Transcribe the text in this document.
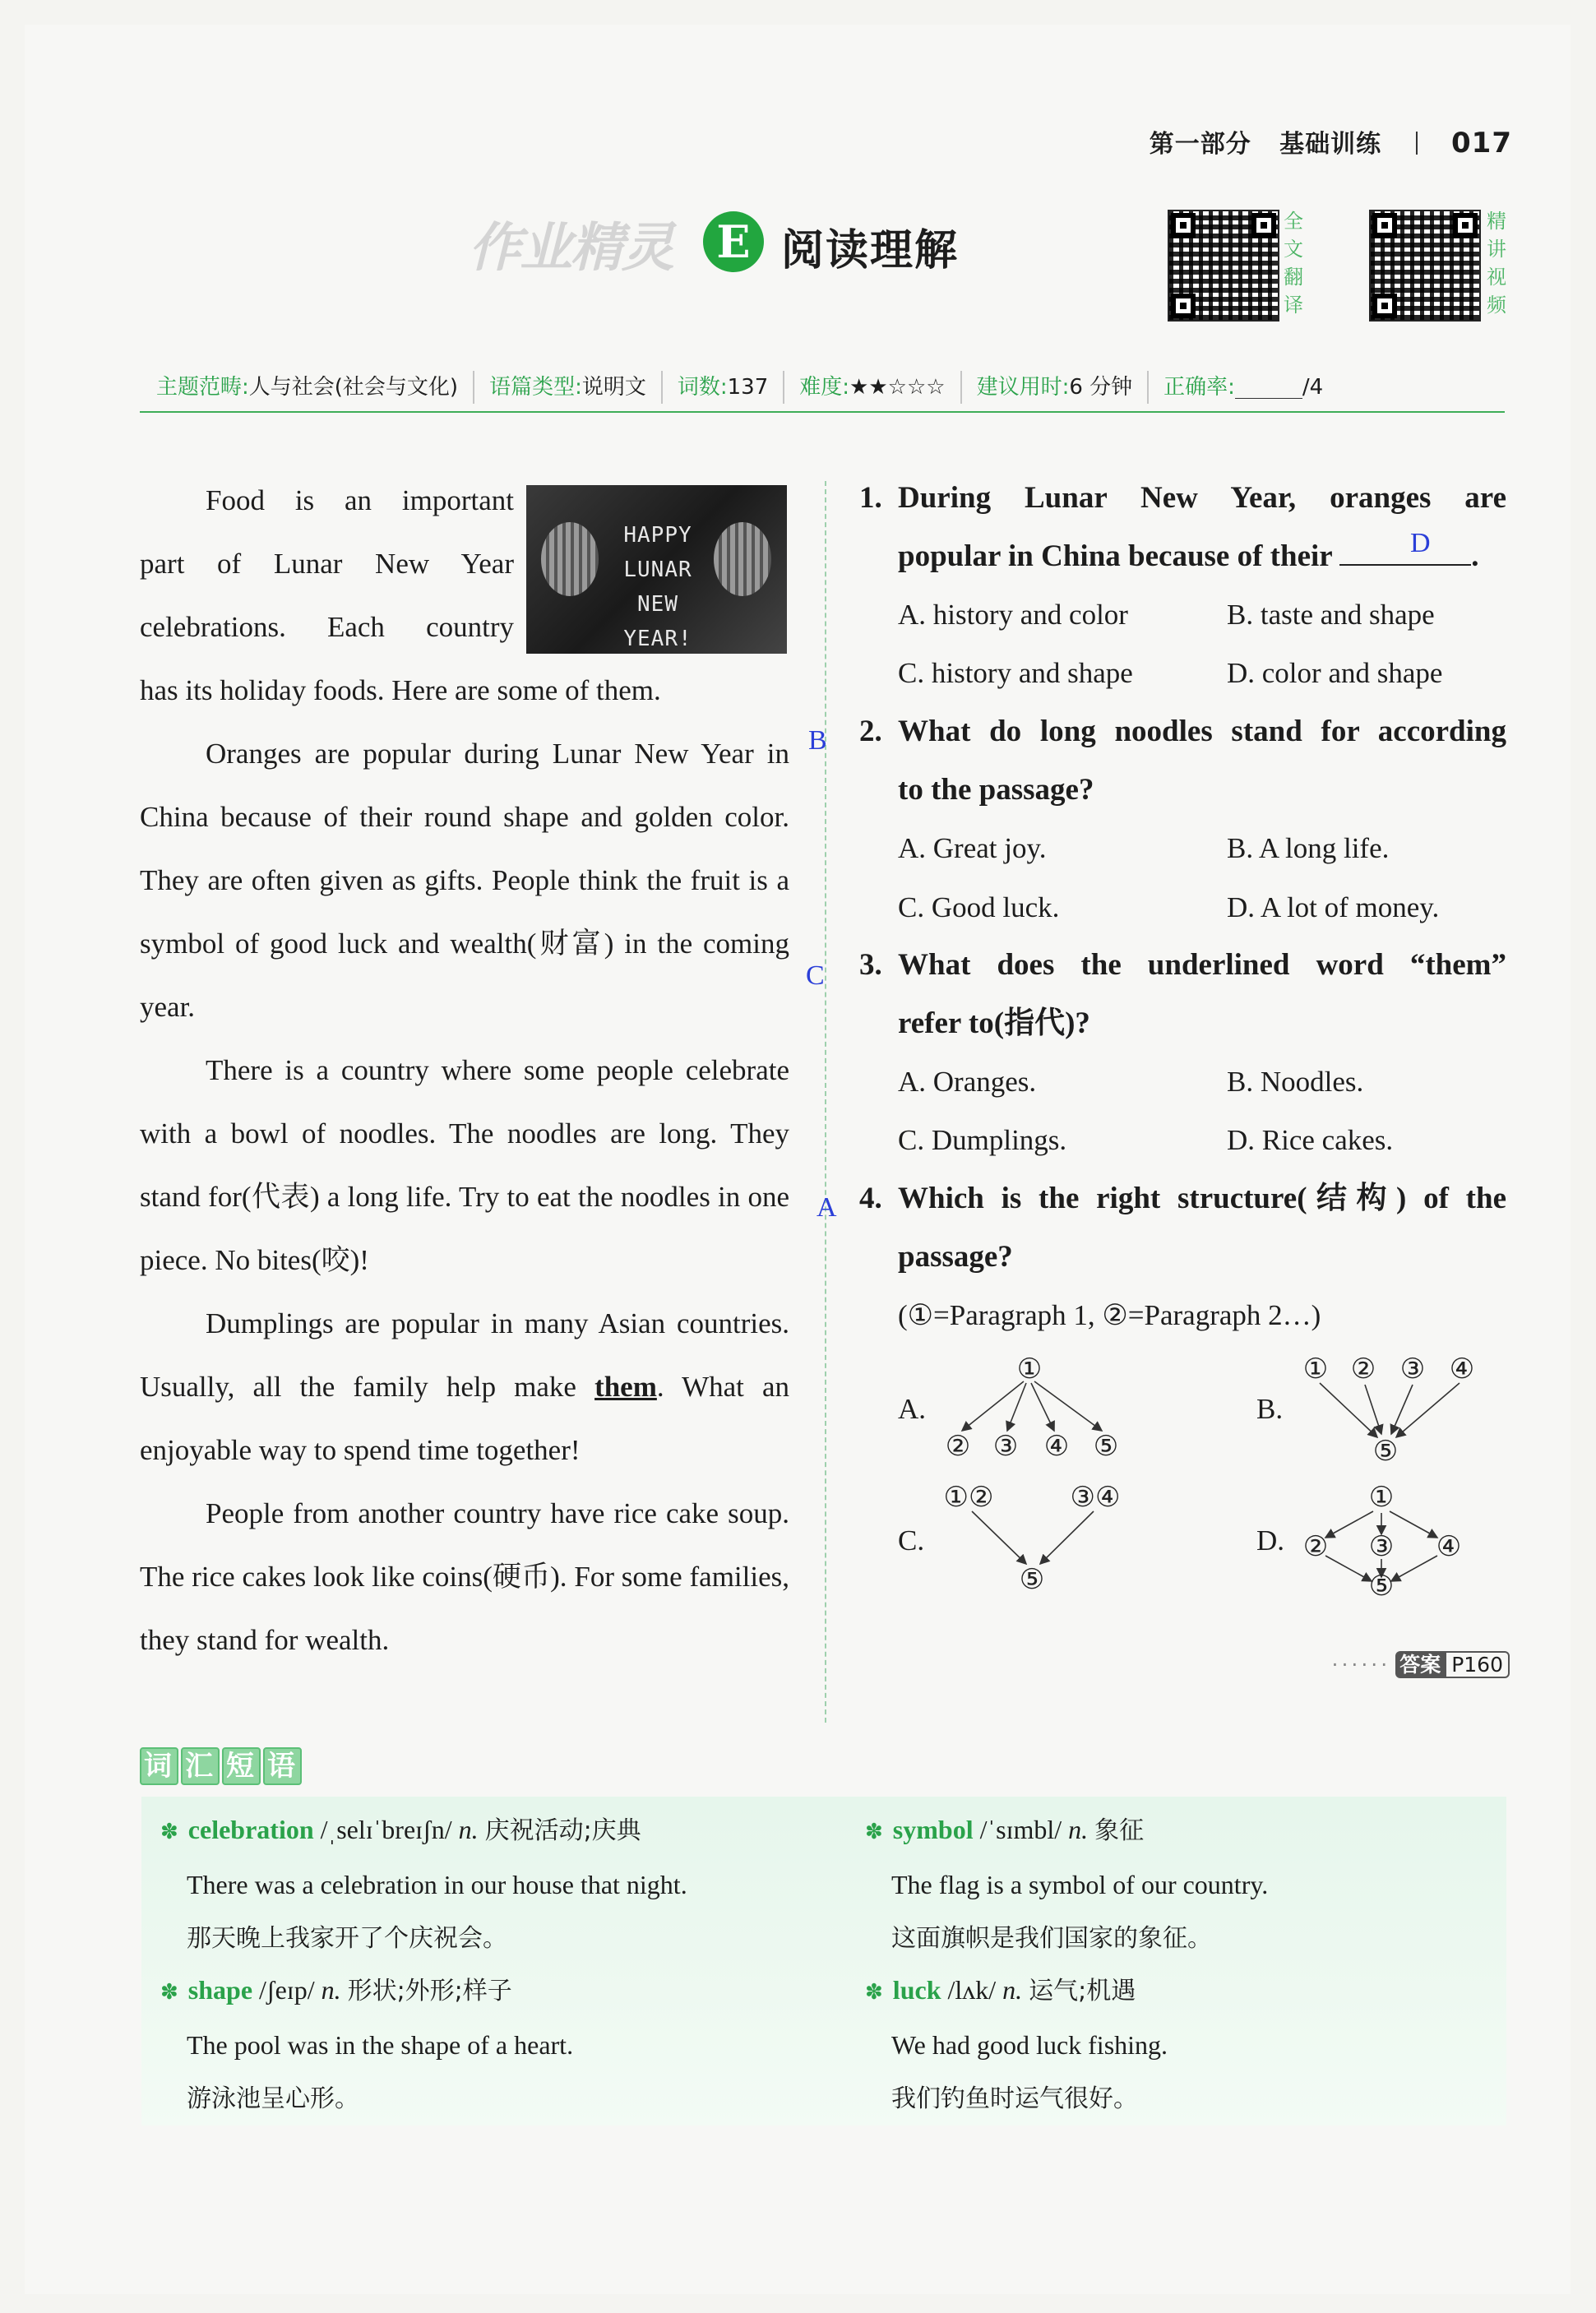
第一部分 基础训练 017
作业精灵 E 阅读理解
全
文
翻
译
精
讲
视
频
主题范畴:人与社会(社会与文化)	语篇类型:说明文	词数:137	难度:★★☆☆☆	建议用时:6 分钟	正确率:	/4
HAPPY
LUNAR
NEW YEAR!

Food is an important

part of Lunar New Year

celebrations. Each country

has its holiday foods. Here are some of them.

Oranges are popular during Lunar New Year in China because of their round shape and golden color. They are often given as gifts. People think the fruit is a symbol of good luck and wealth(财富) in the coming year.

There is a country where some people celebrate with a bowl of noodles. The noodles are long. They stand for(代表) a long life. Try to eat the noodles in one piece. No bites(咬)!

Dumplings are popular in many Asian countries. Usually, all the family help make them. What an enjoyable way to spend time together!

People from another country have rice cake soup. The rice cakes look like coins(硬币). For some families, they stand for wealth.

D
B
C
A
1. During Lunar New Year, oranges are
popular in China because of their	.
A. history and color	B. taste and shape
C. history and shape	D. color and shape
2. What do long noodles stand for according
to the passage?
A. Great joy.	B. A long life.
C. Good luck.	D. A lot of money.
3. What does the underlined word “them”
refer to(指代)?
A. Oranges.	B. Noodles.
C. Dumplings.	D. Rice cakes.
4. Which is the right structure(结构) of the
passage?
(①=Paragraph 1, ②=Paragraph 2…)
A.	B.
C.	D.
①
② ③ ④ ⑤
① ② ③ ④
⑤
①②	③④
⑤
①
② ③ ④
⑤
······ 答案 P160
词 汇 短 语
✽ celebration /ˌselɪˈbreɪʃn/ n. 庆祝活动;庆典
There was a celebration in our house that night.
那天晚上我家开了个庆祝会。
✽ shape /ʃeɪp/ n. 形状;外形;样子
The pool was in the shape of a heart.
游泳池呈心形。
✽ symbol /ˈsɪmbl/ n. 象征
The flag is a symbol of our country.
这面旗帜是我们国家的象征。
✽ luck /lʌk/ n. 运气;机遇
We had good luck fishing.
我们钓鱼时运气很好。
